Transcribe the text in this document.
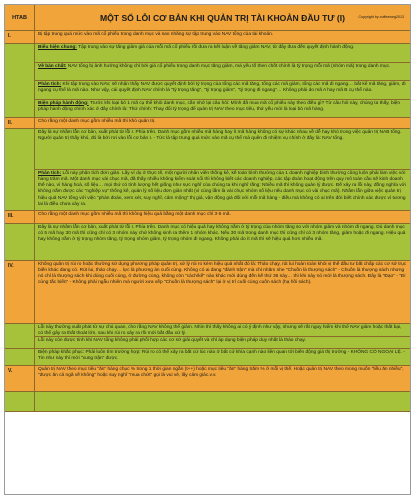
HTAB	MỘT SỐ LỖI CƠ BẢN KHI QUẢN TRỊ TÀI KHOẢN ĐẦU TƯ (I)	Copyright by coffeeweg2013
I.	Bị tập trung quá mức vào mã cổ phiếu trong danh mục và sao nhãng sự tập trung vào NAV tổng của tài khoản.
Biểu hiện chung: Tập trung vào sự tăng giảm giá của mỗi mã cổ phiếu rồi đưa ra kết luận về tăng giảm NAV, từ đây đưa đến quyết định hành động.
Về bản chất: NAV tổng bị ảnh hưởng không chỉ bởi giá cổ phiếu trong danh mục tăng giảm, mà yếu tố then chốt chính là tỷ trọng mỗi mã (nhóm mã) trong danh mục.
Phân tích: Khi tập trung vào NAV, sẽ nhận thấy NAV được quyết định bởi tỷ trọng của tổng các mã tăng, tổng các mã giảm, tổng các mã đi ngang… bất kể mã tăng, giảm, đi ngang cụ thể là mã nào. Như vậy, cái quyết định NAV chính là "tỷ trọng tăng", "tỷ trọng giảm", "tỷ trọng đi ngang"… Không phải do mã A hay mã B cụ thể nào.
Biện pháp hành động: Trước khi loại bỏ 1 mã cụ thể khỏi danh mục, cần nhớ lại câu hỏi: Mình đã mua mã cổ phiếu này theo điều gì? Từ câu hỏi này, chúng ta thấy, biện pháp hành động chính xác ở đây chính là: Thứ chính: Thay đổi tỷ trọng để quản trị NAV theo mục tiêu, thứ yếu mới là loại bỏ mã hàng.
II.	Cho rằng một danh mục gồm nhiều mã thì khó quản trị.
Đây là sự nhầm lẫn cơ bản, xuất phát từ lỗi I. Phía trên. Danh mục gồm nhiều mã hàng hay ít mã hàng không có sự khác nhau về dễ hay khó trong việc quản trị NAB tổng. Người quản trị thấy khó, đó là bởi rơi vào lỗi cơ bản I. - Từc là tập trung quá mức vào mã cụ thể mà quên đi nhiệm vụ chính ở đây là: NAV tổng.
Phân tích: Lỗi này phân tích đơn giản. Lấy ví dụ ở thực tế, một người nhân viên thống kê, kế toán bình thường của 1 doanh nghiệp bình thường cũng luôn phải làm việc với hàng trăm mã. Một danh mục vài chục mã, đã thấy nhiều không kiểm soát nổi thì không biết các doanh nghiệp, các tập đoàn hoạt động trên quy mô toàn cầu sẽ kinh doanh thế nào, vì hàng hoá, số liệu… mọi thứ có tính lượng hết giống như sực nghĩ của chúng ta khi nghĩ rằng: Nhiều mã thì không quản lý được. Đế xảy ra lỗi này, đồng nghĩa với không nắm được các "nghiệp vụ" thống kê, quản lý số liệu đơn giản nhất (vì cùng lắm là vài chục nhóm số liệu nếu danh mục có vài chục mã). Nhầm lẫn giữa việc quản trị hiệu quả NAV tổng với việc "phán đoán, xem xét, suy nghĩ, cảm mộng" thị giá, vận động giá đối với mỗi mã hàng - điều mà không có ai trên đời biết chính xác được vì tương lai là điều chưa xảy ra.
III.	Cho rằng một danh mục gồm nhiều mã thì không hiệu quả bằng một danh mục chỉ 3-5 mã.
Đây là sự nhầm lẫn cơ bản, xuất phát từ lỗi I. Phía trên. Danh mục có hiệu quả hay không nằm ở tỷ trọng của nhóm tăng so với nhóm giảm và nhóm đi ngang. Dù danh mục có 5 mã hay 30 mã thì cũng chỉ có 3 nhóm này chứ không sinh ra thêm 1 nhóm khác. Nếu 30 mã trong danh mục thì cũng chỉ có 3 nhóm tăng, giảm hoặc đi ngang. Hiệu quả hay không nằm ở tỷ trọng nhóm tăng, tỷ trọng nhóm giảm, tỷ trọng nhóm đi ngang. Không phải do ít mã thì sẽ hiệu quả hơn nhiều mã.
IV.	Không quản trị rủi ro hoặc thường sử dụng phương pháp quản trị, xử lý rủi ro kém hiệu quả nhất đó là: Thảo chạy, rút lui hoàn toàn khỏi vị thế đầu tư bất chấp các cơ sở trục biến khác đang có. Rút lui, tháo chạy… lực là phương án cuối cùng. Không có ai đang "đánh trận" mà chỉ nhăm nhe "Chuồn là thượng sách" - Chuồn là thượng sách nhưng nó chỉ là thượng sách khi dùng cuối cùng, ở đường cùng, không còn "cách/kế" nào khác mới dùng đến kế thứ 36 này… thì khi này nó mới là thượng sách. Đây là "Đạo" - "Đi cùng tắc biến" - Không phải ngẫu nhiên mà người xưa xếp "Chuồn là thượng sách" lại ở vị trí cuối cùng cuốn sách (hạ hồi sách).
Lỗi này thường xuất phát từ sự chủ quan, cho rằng NAV không thể giảm. Nhìn thì thấy không ai có ý định như vậy, nhưng sẽ rất nguy hiểm khi thể NAV giảm hoặc thất bại, có thể gây ra thất thoát lớn, sau khi rủi ro xảy ra rồi mới bắt đầu xử lý.
Lỗi này còn được tính khi NAV tổng không phải phối hợp các cơ sở giải quyết và chỉ áp dụng biện pháp duy nhất là tháo chạy.
Biện pháp khắc phục: Phải luôn tìm trường hợp: Rủi ro có thể xảy ra bất cứ lúc nào ở bất cứ khía cạnh nào liên quan tới biến động giá thị trường - KHÔNG CÓ NGOẠI LỆ. - Tin như này thì mới "xung trận" được.
V.	Quản trị NAV theo mục tiêu "ăn" hàng chục % trong 1 thời gian ngắn (t++) hoặc mục tiêu "ăn" hàng trăm % ở mỗi vị thế. Hoặc quản trị NAV theo mong muốn "liều ăn nhiều", "được ăn cả ngã về không" hoặc suy nghĩ "mua chứt" gọi là vui vẻ, lấy cảm giác.v.v.
